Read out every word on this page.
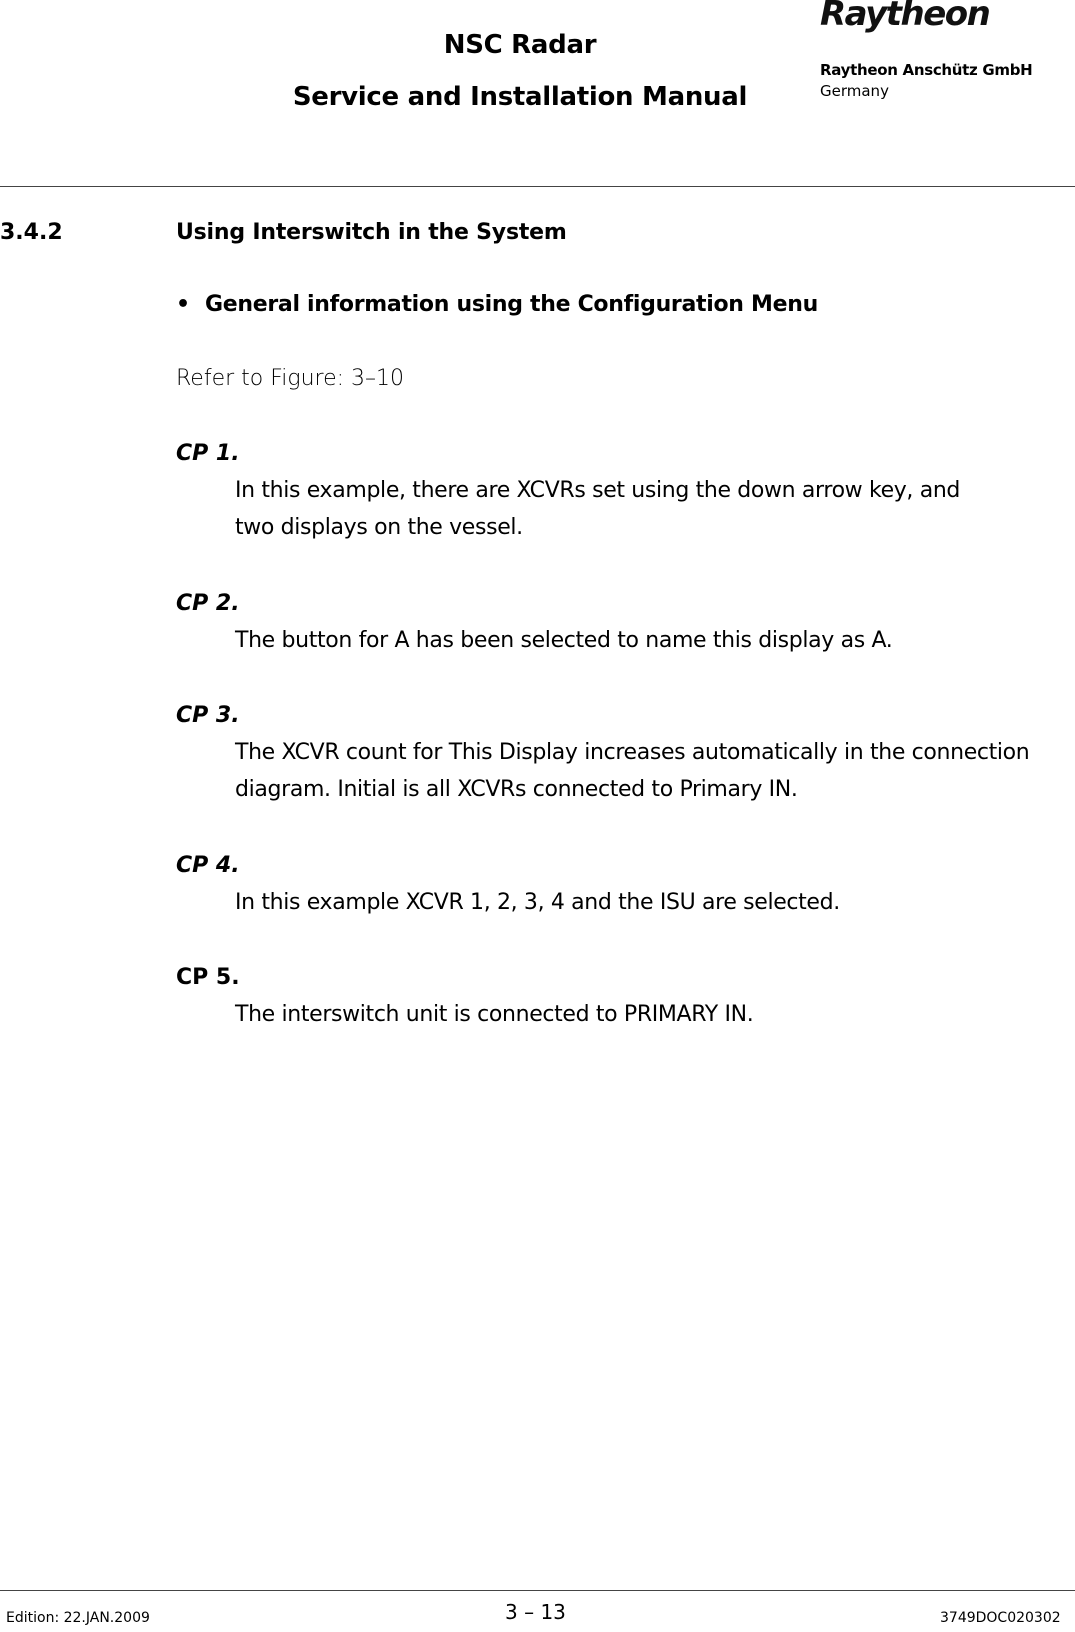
NSC Radar
Service and Installation Manual
Raytheon
Raytheon Anschütz GmbH
Germany
3.4.2	Using Interswitch in the System
• General information using the Configuration Menu
Refer to Figure: 3–10
CP 1.
In this example, there are XCVRs set using the down arrow key, and
two displays on the vessel.
CP 2.
The button for A has been selected to name this display as A.
CP 3.
The XCVR count for This Display increases automatically in the connection
diagram. Initial is all XCVRs connected to Primary IN.
CP 4.
In this example XCVR 1, 2, 3, 4 and the ISU are selected.
CP 5.
The interswitch unit is connected to PRIMARY IN.
Edition: 22.JAN.2009	3 – 13	3749DOC020302
